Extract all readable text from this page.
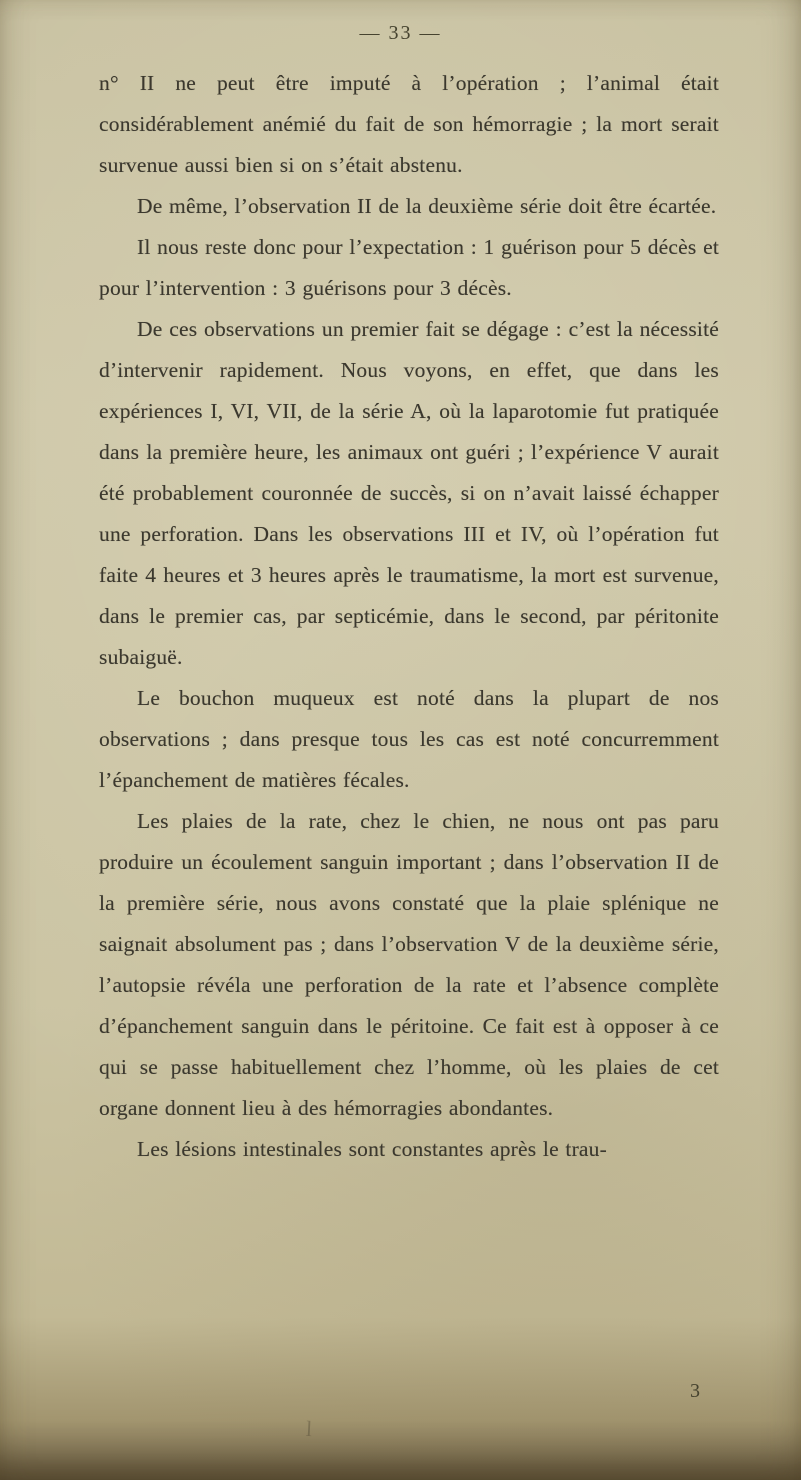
— 33 —

n° II ne peut être imputé à l’opération ; l’animal était considérablement anémié du fait de son hémorragie ; la mort serait survenue aussi bien si on s’était abstenu.

De même, l’observation II de la deuxième série doit être écartée.

Il nous reste donc pour l’expectation : 1 guérison pour 5 décès et pour l’intervention : 3 guérisons pour 3 décès.

De ces observations un premier fait se dégage : c’est la nécessité d’intervenir rapidement. Nous voyons, en effet, que dans les expériences I, VI, VII, de la série A, où la laparotomie fut pratiquée dans la première heure, les animaux ont guéri ; l’expérience V aurait été probablement couronnée de succès, si on n’avait laissé échapper une perforation. Dans les observations III et IV, où l’opération fut faite 4 heures et 3 heures après le traumatisme, la mort est survenue, dans le premier cas, par septicémie, dans le second, par péritonite subaiguë.

Le bouchon muqueux est noté dans la plupart de nos observations ; dans presque tous les cas est noté concurremment l’épanchement de matières fécales.

Les plaies de la rate, chez le chien, ne nous ont pas paru produire un écoulement sanguin important ; dans l’observation II de la première série, nous avons constaté que la plaie splénique ne saignait absolument pas ; dans l’observation V de la deuxième série, l’autopsie révéla une perforation de la rate et l’absence complète d’épanchement sanguin dans le péritoine. Ce fait est à opposer à ce qui se passe habituellement chez l’homme, où les plaies de cet organe donnent lieu à des hémorragies abondantes.

Les lésions intestinales sont constantes après le trau-

3
l
